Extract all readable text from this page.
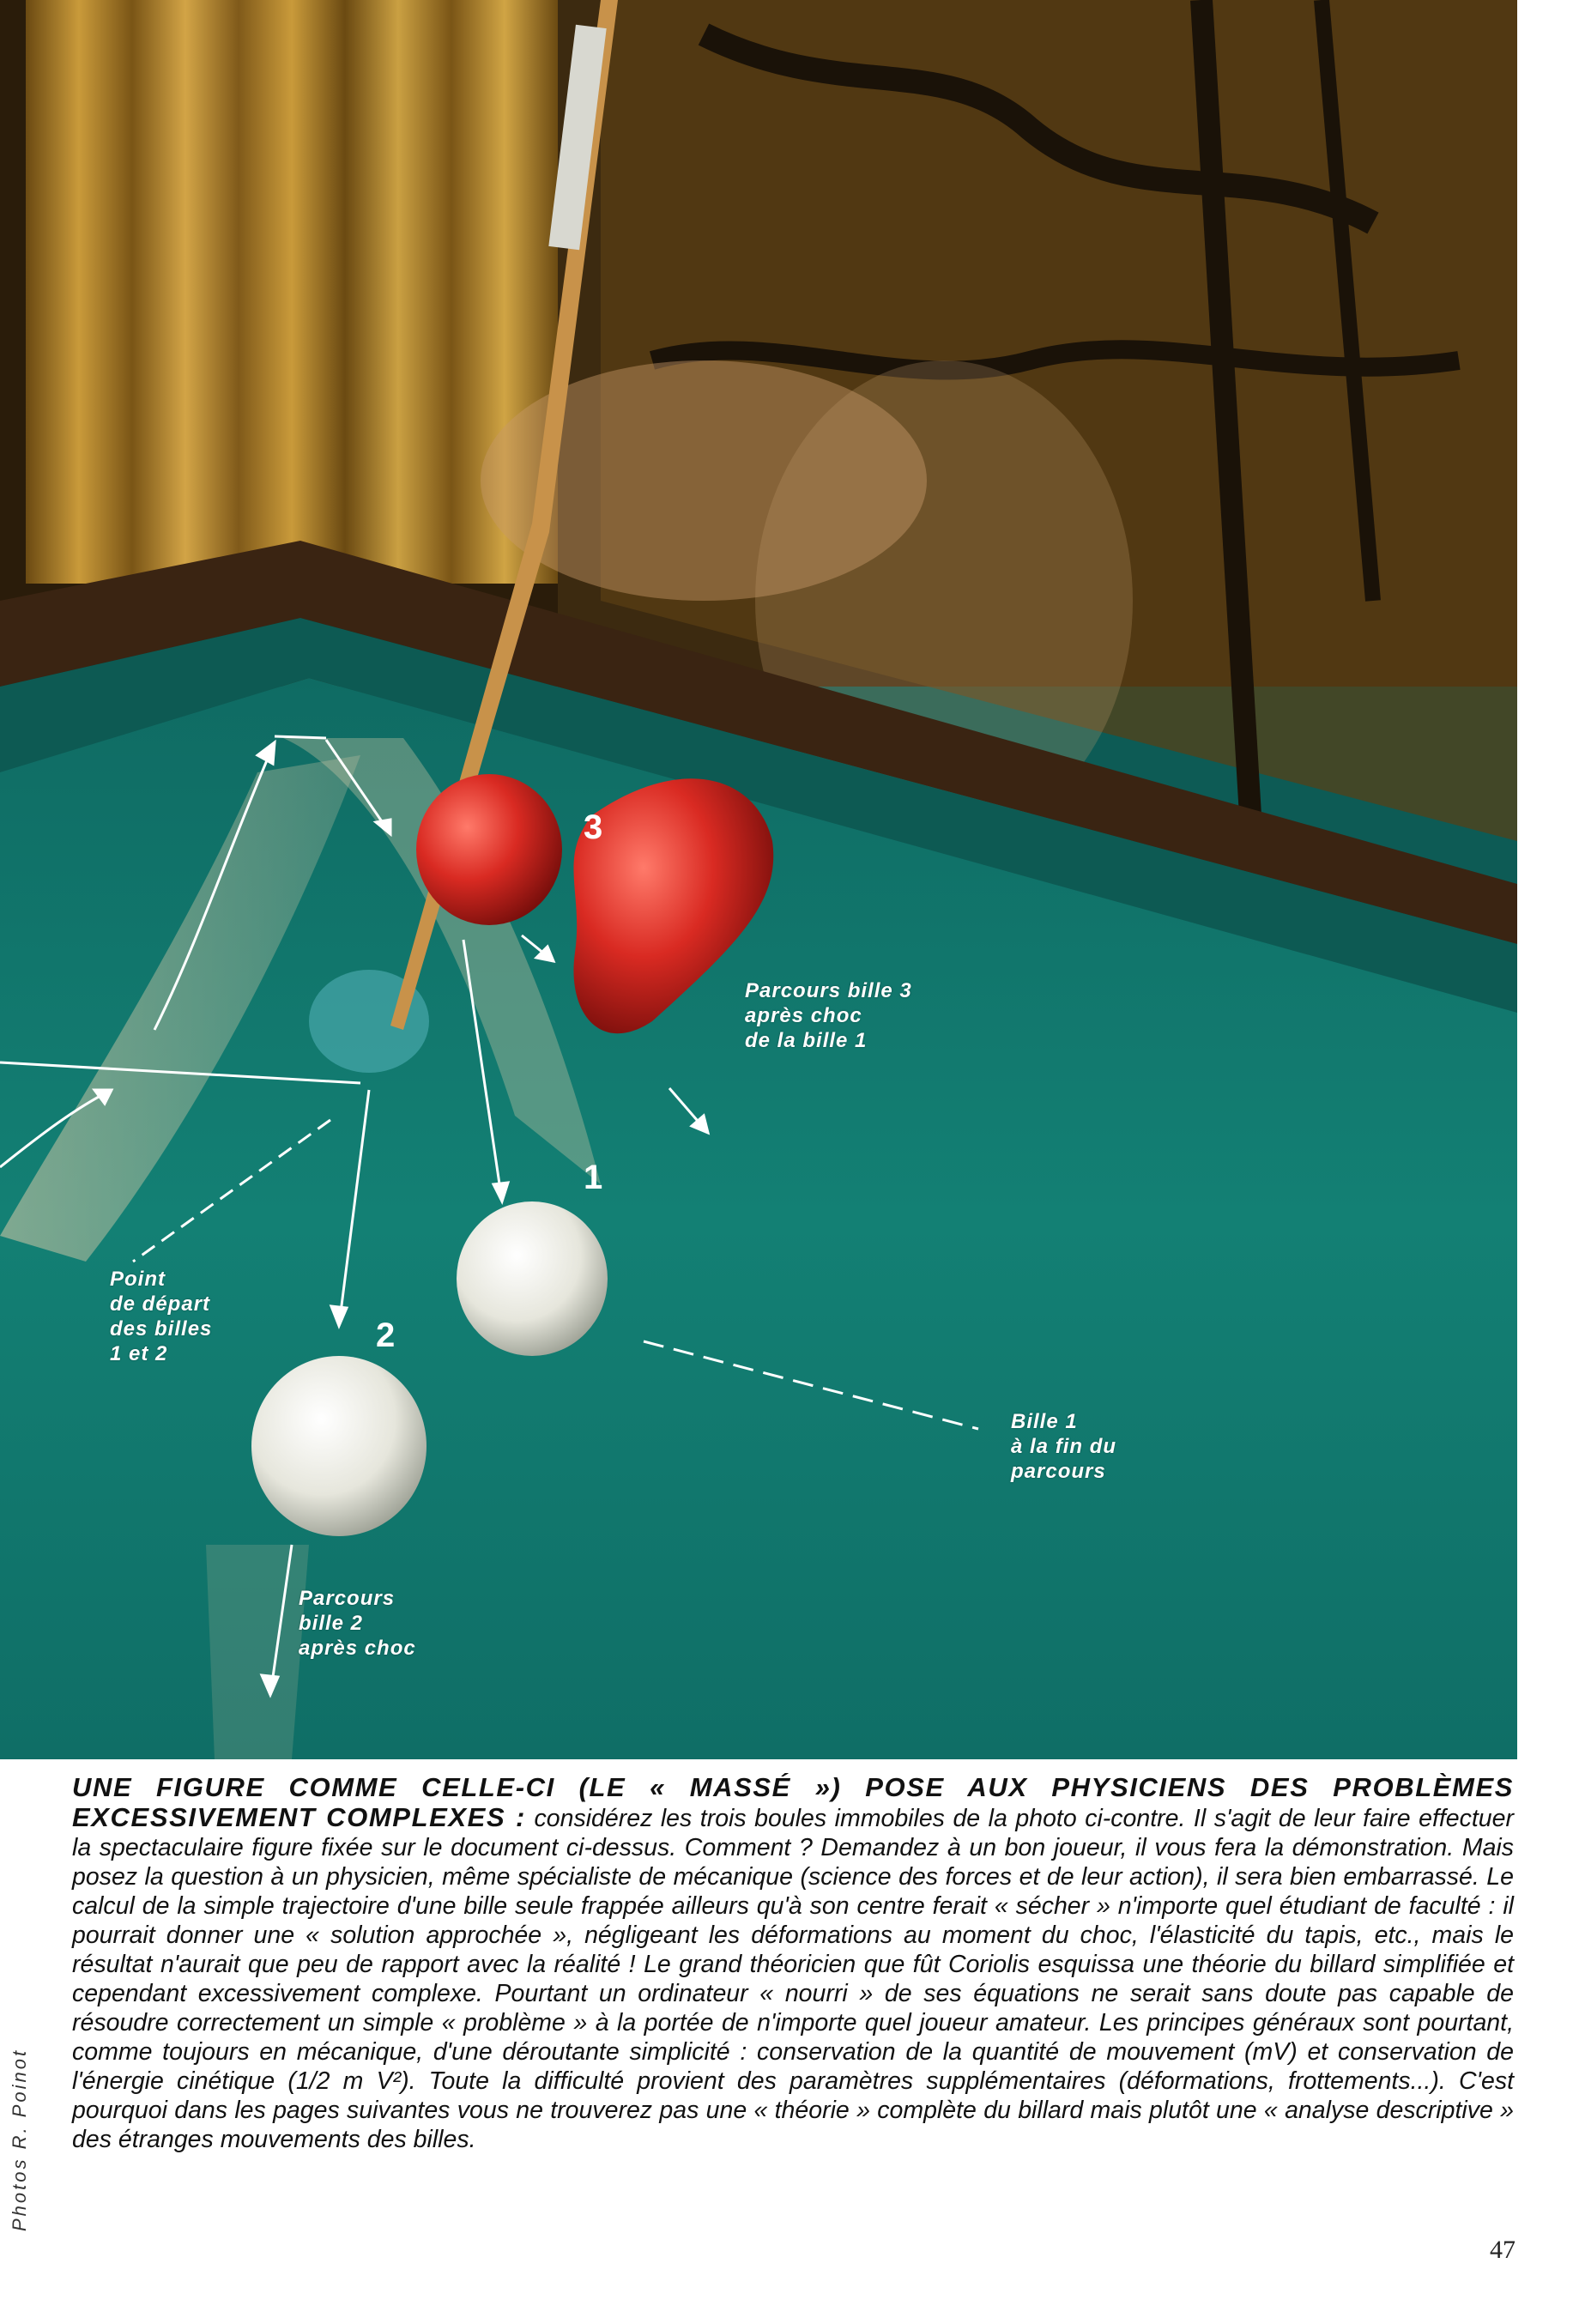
3
1
2
Parcours bille 3
après choc
de la bille 1
Point
de départ
des billes
1 et 2
Bille 1
à la fin du
parcours
Parcours
bille 2
après choc
UNE FIGURE COMME CELLE-CI (LE « MASSÉ ») POSE AUX PHYSICIENS DES PROBLÈMES EXCESSIVEMENT COMPLEXES : considérez les trois boules immobiles de la photo ci-contre. Il s'agit de leur faire effectuer la spectaculaire figure fixée sur le document ci-dessus. Comment ? Demandez à un bon joueur, il vous fera la démonstration. Mais posez la question à un physicien, même spécialiste de mécanique (science des forces et de leur action), il sera bien embarrassé. Le calcul de la simple trajectoire d'une bille seule frappée ailleurs qu'à son centre ferait « sécher » n'importe quel étudiant de faculté : il pourrait donner une « solution approchée », négligeant les déformations au moment du choc, l'élasticité du tapis, etc., mais le résultat n'aurait que peu de rapport avec la réalité ! Le grand théoricien que fût Coriolis esquissa une théorie du billard simplifiée et cependant excessivement complexe. Pourtant un ordinateur « nourri » de ses équations ne serait sans doute pas capable de résoudre correctement un simple « problème » à la portée de n'importe quel joueur amateur. Les principes généraux sont pourtant, comme toujours en mécanique, d'une déroutante simplicité : conservation de la quantité de mouvement (mV) et conservation de l'énergie cinétique (1/2 m V²). Toute la difficulté provient des paramètres supplémentaires (déformations, frottements...). C'est pourquoi dans les pages suivantes vous ne trouverez pas une « théorie » complète du billard mais plutôt une « analyse descriptive » des étranges mouvements des billes.
Photos R. Poinot
47
